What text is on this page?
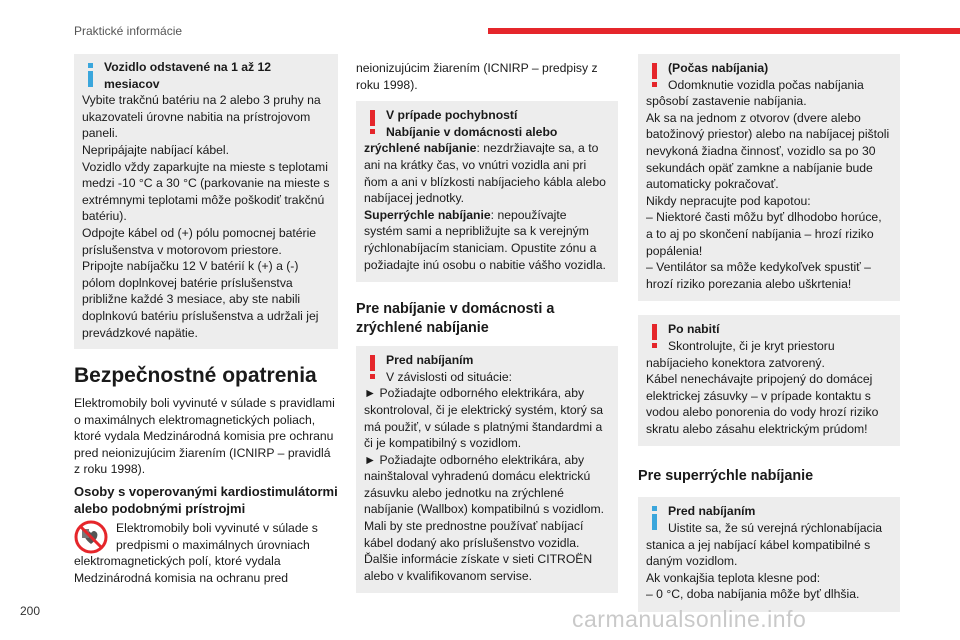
Praktické informácie

Vozidlo odstavené na 1 až 12

mesiacov

Vybite trakčnú batériu na 2 alebo 3 pruhy na

ukazovateli úrovne nabitia na prístrojovom

paneli.

Nepripájajte nabíjací kábel.

Vozidlo vždy zaparkujte na mieste s teplotami

medzi -10 °C a 30 °C (parkovanie na mieste s

extrémnymi teplotami môže poškodiť trakčnú

batériu).

Odpojte kábel od (+) pólu pomocnej batérie

príslušenstva v motorovom priestore.

Pripojte nabíjačku 12 V batérií k (+) a (-)

pólom doplnkovej batérie príslušenstva

približne každé 3 mesiace, aby ste nabili

doplnkovú batériu príslušenstva a udržali jej

prevádzkové napätie.

Bezpečnostné opatrenia

Elektromobily boli vyvinuté v súlade s pravidlami

o maximálnych elektromagnetických poliach,

ktoré vydala Medzinárodná komisia pre ochranu

pred neionizujúcim žiarením (ICNIRP – pravidlá

z roku 1998).

Osoby s voperovanými kardiostimulátormi

alebo podobnými prístrojmi

Elektromobily boli vyvinuté v súlade s

predpismi o maximálnych úrovniach

elektromagnetických polí, ktoré vydala

Medzinárodná komisia na ochranu pred

neionizujúcim žiarením (ICNIRP – predpisy z

roku 1998).

V prípade pochybností

Nabíjanie v domácnosti alebo

zrýchlené nabíjanie: nezdržiavajte sa, a to

ani na krátky čas, vo vnútri vozidla ani pri

ňom a ani v blízkosti nabíjacieho kábla alebo

nabíjacej jednotky.

Superrýchle nabíjanie: nepoužívajte

systém sami a nepribližujte sa k verejným

rýchlonabíjacím staniciam. Opustite zónu a

požiadajte inú osobu o nabitie vášho vozidla.

Pre nabíjanie v domácnosti a

zrýchlené nabíjanie

Pred nabíjaním

V závislosti od situácie:

► Požiadajte odborného elektrikára, aby

skontroloval, či je elektrický systém, ktorý sa

má použiť, v súlade s platnými štandardmi a

či je kompatibilný s vozidlom.

► Požiadajte odborného elektrikára, aby

nainštaloval vyhradenú domácu elektrickú

zásuvku alebo jednotku na zrýchlené

nabíjanie (Wallbox) kompatibilnú s vozidlom.

Mali by ste prednostne používať nabíjací

kábel dodaný ako príslušenstvo vozidla.

Ďalšie informácie získate v sieti CITROËN

alebo v kvalifikovanom servise.

(Počas nabíjania)

Odomknutie vozidla počas nabíjania

spôsobí zastavenie nabíjania.

Ak sa na jednom z otvorov (dvere alebo

batožinový priestor) alebo na nabíjacej pištoli

nevykoná žiadna činnosť, vozidlo sa po 30

sekundách opäť zamkne a nabíjanie bude

automaticky pokračovať.

Nikdy nepracujte pod kapotou:

– Niektoré časti môžu byť dlhodobo horúce,

a to aj po skončení nabíjania – hrozí riziko

popálenia!

– Ventilátor sa môže kedykoľvek spustiť –

hrozí riziko porezania alebo uškrtenia!

Po nabití

Skontrolujte, či je kryt priestoru

nabíjacieho konektora zatvorený.

Kábel nenechávajte pripojený do domácej

elektrickej zásuvky – v prípade kontaktu s

vodou alebo ponorenia do vody hrozí riziko

skratu alebo zásahu elektrickým prúdom!

Pre superrýchle nabíjanie

Pred nabíjaním

Uistite sa, že sú verejná rýchlonabíjacia

stanica a jej nabíjací kábel kompatibilné s

daným vozidlom.

Ak vonkajšia teplota klesne pod:

– 0 °C, doba nabíjania môže byť dlhšia.

200	carmanualsonline.info
